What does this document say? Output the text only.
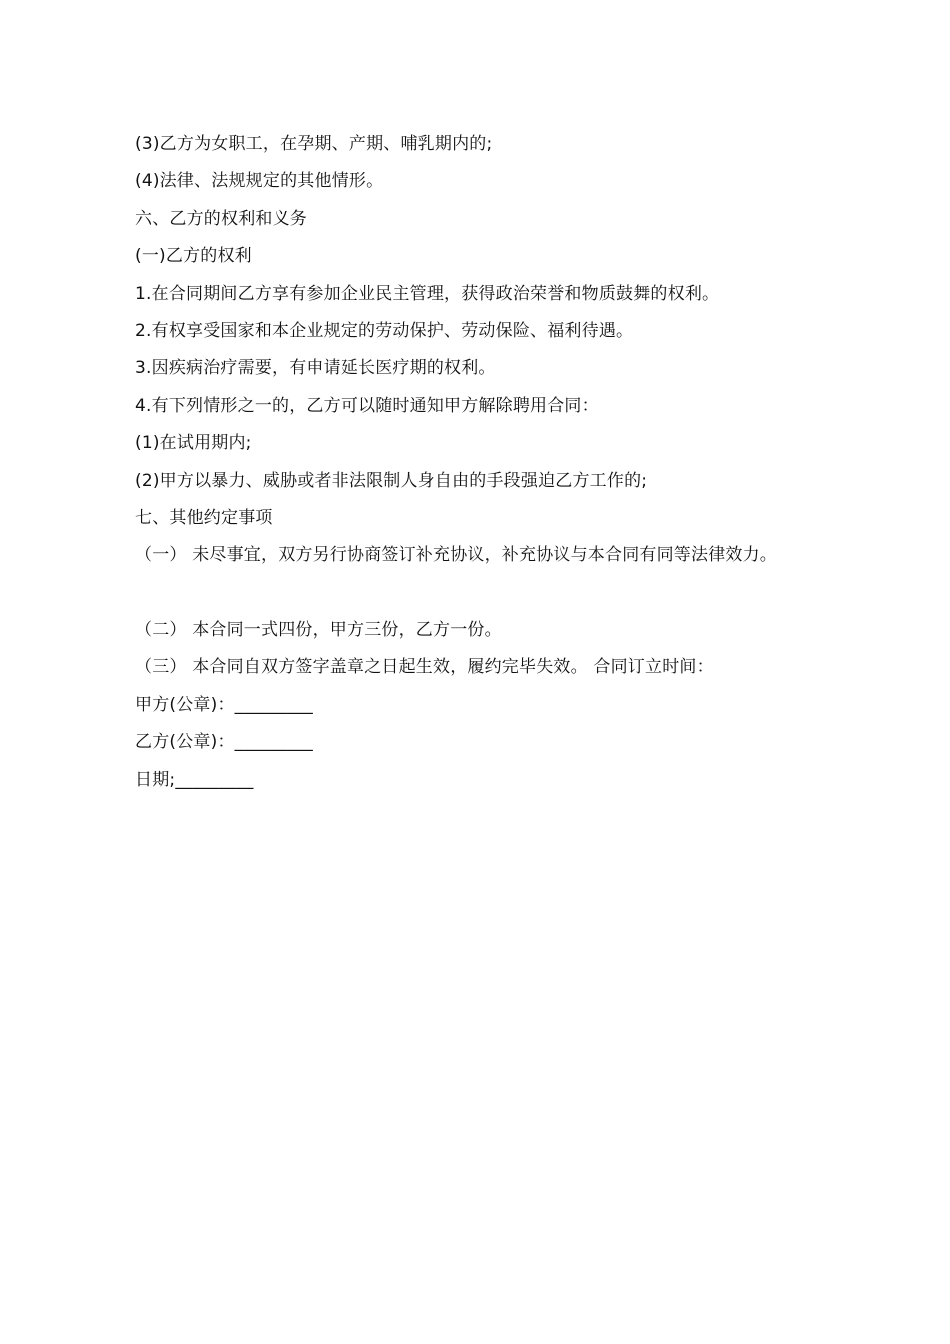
(3)乙方为女职工，在孕期、产期、哺乳期内的;
(4)法律、法规规定的其他情形。
六、乙方的权利和义务
(一)乙方的权利
1.在合同期间乙方享有参加企业民主管理，获得政治荣誉和物质鼓舞的权利。
2.有权享受国家和本企业规定的劳动保护、劳动保险、福利待遇。
3.因疾病治疗需要，有申请延长医疗期的权利。
4.有下列情形之一的，乙方可以随时通知甲方解除聘用合同：
(1)在试用期内;
(2)甲方以暴力、威胁或者非法限制人身自由的手段强迫乙方工作的;
七、其他约定事项
（一） 未尽事宜，双方另行协商签订补充协议，补充协议与本合同有同等法律效力。
（二） 本合同一式四份，甲方三份，乙方一份。
（三） 本合同自双方签字盖章之日起生效，履约完毕失效。 合同订立时间：
甲方(公章)：_________
乙方(公章)：_________
日期;_________
